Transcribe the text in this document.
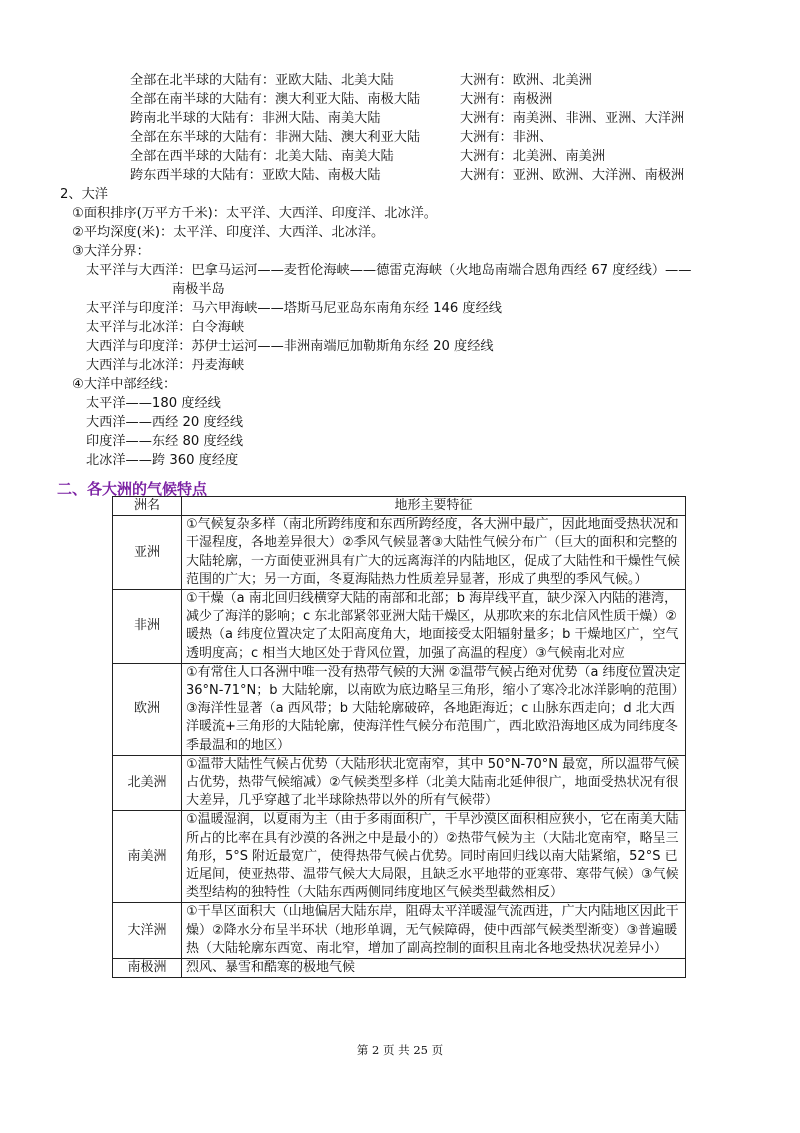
全部在北半球的大陆有：亚欧大陆、北美大陆	大洲有：欧洲、北美洲
全部在南半球的大陆有：澳大利亚大陆、南极大陆	大洲有：南极洲
跨南北半球的大陆有：非洲大陆、南美大陆	大洲有：南美洲、非洲、亚洲、大洋洲
全部在东半球的大陆有：非洲大陆、澳大利亚大陆	大洲有：非洲、
全部在西半球的大陆有：北美大陆、南美大陆	大洲有：北美洲、南美洲
跨东西半球的大陆有：亚欧大陆、南极大陆	大洲有：亚洲、欧洲、大洋洲、南极洲
2、大洋
①面积排序(万平方千米)：太平洋、大西洋、印度洋、北冰洋。
②平均深度(米)：太平洋、印度洋、大西洋、北冰洋。
③大洋分界：
太平洋与大西洋：巴拿马运河——麦哲伦海峡——德雷克海峡（火地岛南端合恩角西经 67 度经线）——
南极半岛
太平洋与印度洋：马六甲海峡——塔斯马尼亚岛东南角东经 146 度经线
太平洋与北冰洋：白令海峡
大西洋与印度洋：苏伊士运河——非洲南端厄加勒斯角东经 20 度经线
大西洋与北冰洋：丹麦海峡
④大洋中部经线：
太平洋——180 度经线
大西洋——西经 20 度经线
印度洋——东经 80 度经线
北冰洋——跨 360 度经度
二、各大洲的气候特点
洲名	地形主要特征
亚洲	①气候复杂多样（南北所跨纬度和东西所跨经度，各大洲中最广，因此地面受热状况和干湿程度，各地差异很大）②季风气候显著③大陆性气候分布广（巨大的面积和完整的大陆轮廓，一方面使亚洲具有广大的远离海洋的内陆地区，促成了大陆性和干燥性气候范围的广大；另一方面，冬夏海陆热力性质差异显著，形成了典型的季风气候。）
非洲	①干燥（a 南北回归线横穿大陆的南部和北部；b 海岸线平直，缺少深入内陆的港湾，减少了海洋的影响；c 东北部紧邻亚洲大陆干燥区，从那吹来的东北信风性质干燥）②暖热（a 纬度位置决定了太阳高度角大，地面接受太阳辐射量多；b 干燥地区广，空气透明度高；c 相当大地区处于背风位置，加强了高温的程度）③气候南北对应
欧洲	①有常住人口各洲中唯一没有热带气候的大洲 ②温带气候占绝对优势（a 纬度位置决定 36°N-71°N；b 大陆轮廓，以南欧为底边略呈三角形，缩小了寒冷北冰洋影响的范围）③海洋性显著（a 西风带；b 大陆轮廓破碎，各地距海近；c 山脉东西走向；d 北大西洋暖流+三角形的大陆轮廓，使海洋性气候分布范围广，西北欧沿海地区成为同纬度冬季最温和的地区）
北美洲	①温带大陆性气候占优势（大陆形状北宽南窄，其中 50°N-70°N 最宽，所以温带气候占优势，热带气候缩减）②气候类型多样（北美大陆南北延伸很广，地面受热状况有很大差异，几乎穿越了北半球除热带以外的所有气候带）
南美洲	①温暖湿润，以夏雨为主（由于多雨面积广，干旱沙漠区面积相应狭小，它在南美大陆所占的比率在具有沙漠的各洲之中是最小的）②热带气候为主（大陆北宽南窄，略呈三角形，5°S 附近最宽广，使得热带气候占优势。同时南回归线以南大陆紧缩，52°S 已近尾间，使亚热带、温带气候大大局限，且缺乏水平地带的亚寒带、寒带气候）③气候类型结构的独特性（大陆东西两侧同纬度地区气候类型截然相反）
大洋洲	①干旱区面积大（山地偏居大陆东岸，阻碍太平洋暖湿气流西进，广大内陆地区因此干燥）②降水分布呈半环状（地形单调，无气候障碍，使中西部气候类型渐变）③普遍暖热（大陆轮廓东西宽、南北窄，增加了副高控制的面积且南北各地受热状况差异小）
南极洲	烈风、暴雪和酷寒的极地气候
第 2 页 共 25 页
